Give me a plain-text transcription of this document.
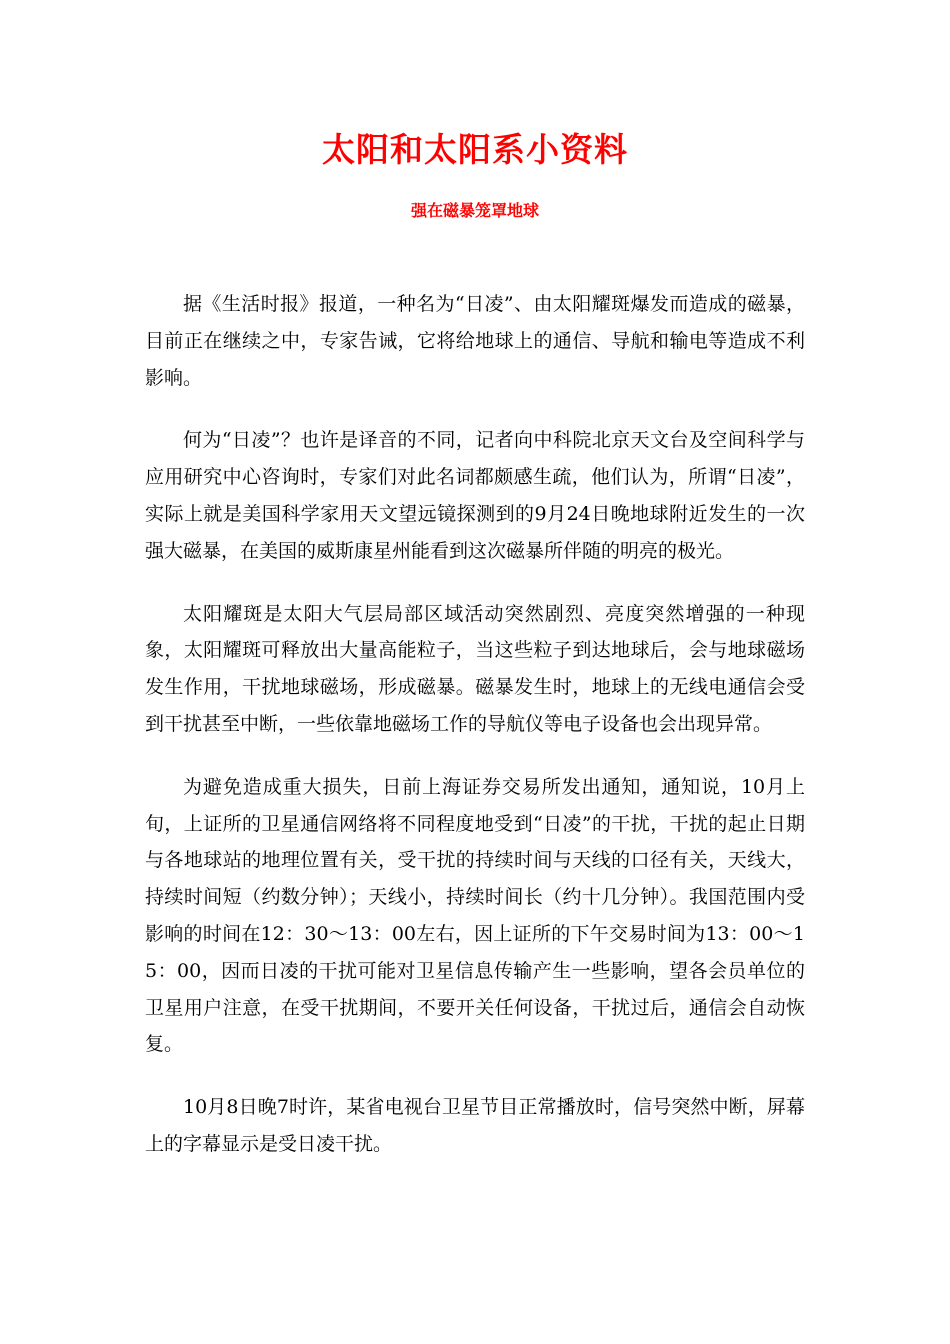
太阳和太阳系小资料
强在磁暴笼罩地球

据《生活时报》报道，一种名为“日凌”、由太阳耀斑爆发而造成的磁暴，目前正在继续之中，专家告诫，它将给地球上的通信、导航和输电等造成不利影响。

何为“日凌”？也许是译音的不同，记者向中科院北京天文台及空间科学与应用研究中心咨询时，专家们对此名词都颇感生疏，他们认为，所谓“日凌”，实际上就是美国科学家用天文望远镜探测到的9月24日晚地球附近发生的一次强大磁暴，在美国的威斯康星州能看到这次磁暴所伴随的明亮的极光。

太阳耀斑是太阳大气层局部区域活动突然剧烈、亮度突然增强的一种现象，太阳耀斑可释放出大量高能粒子，当这些粒子到达地球后，会与地球磁场发生作用，干扰地球磁场，形成磁暴。磁暴发生时，地球上的无线电通信会受到干扰甚至中断，一些依靠地磁场工作的导航仪等电子设备也会出现异常。

为避免造成重大损失，日前上海证券交易所发出通知，通知说，10月上旬，上证所的卫星通信网络将不同程度地受到“日凌”的干扰，干扰的起止日期与各地球站的地理位置有关，受干扰的持续时间与天线的口径有关，天线大，持续时间短（约数分钟）；天线小，持续时间长（约十几分钟）。我国范围内受影响的时间在12：30～13：00左右，因上证所的下午交易时间为13：00～15：00，因而日凌的干扰可能对卫星信息传输产生一些影响，望各会员单位的卫星用户注意，在受干扰期间，不要开关任何设备，干扰过后，通信会自动恢复。

10月8日晚7时许，某省电视台卫星节目正常播放时，信号突然中断，屏幕上的字幕显示是受日凌干扰。
